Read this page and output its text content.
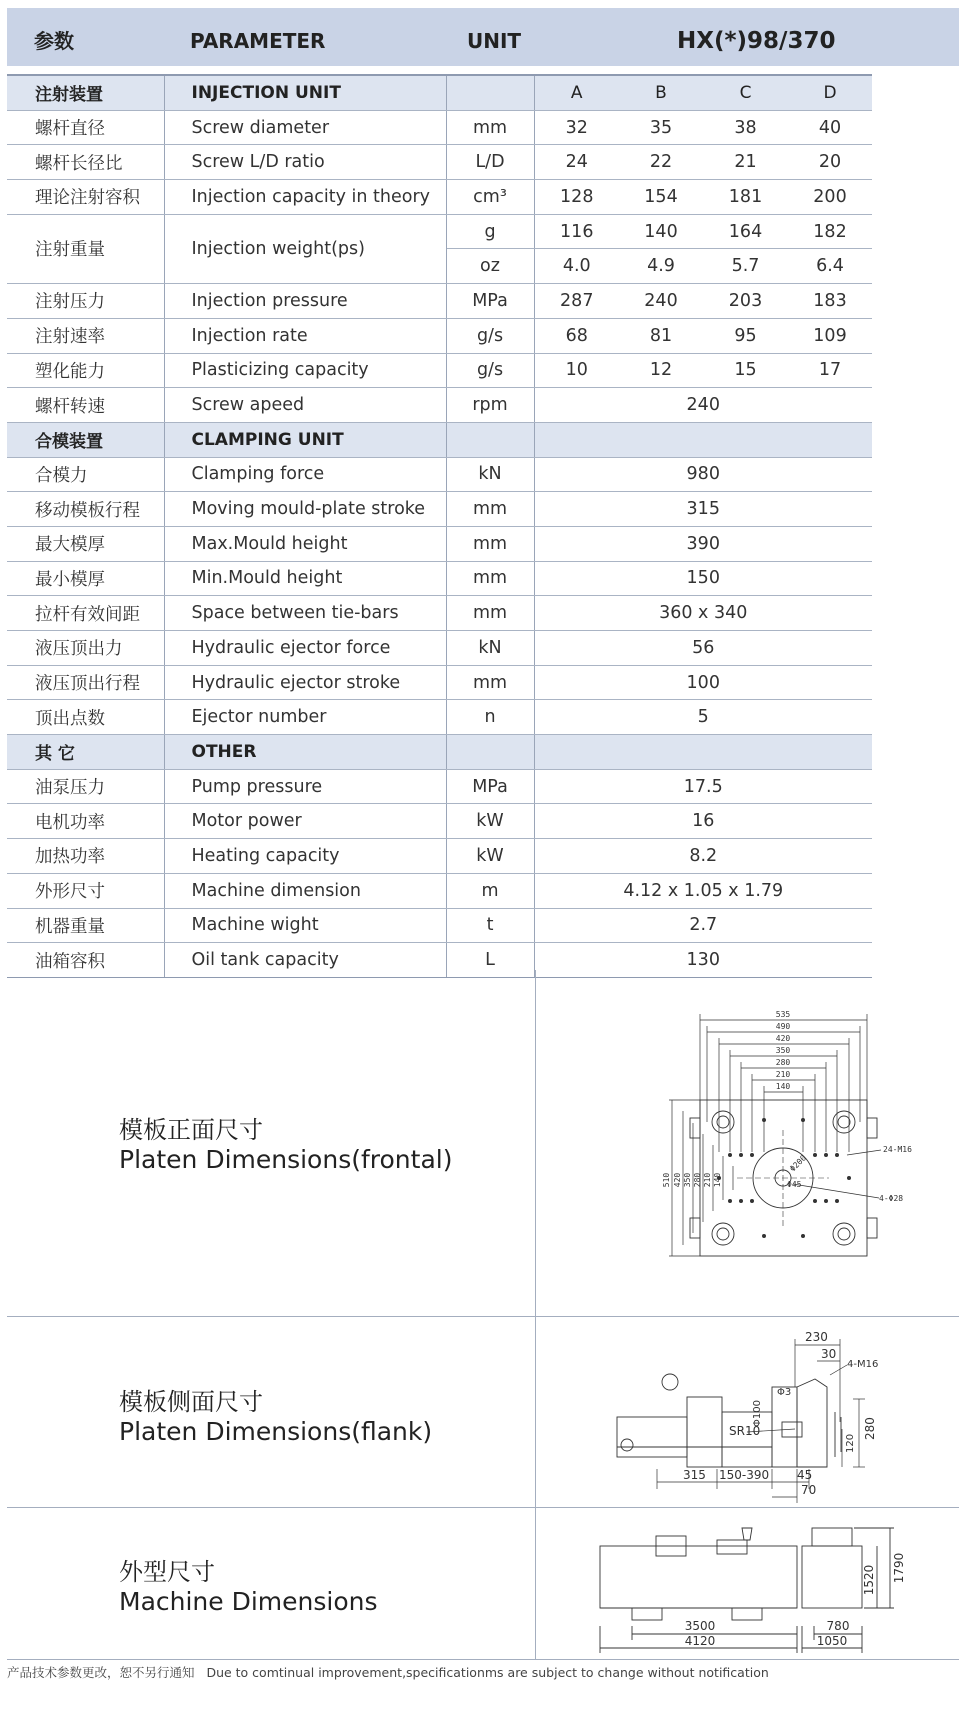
参数	PARAMETER	UNIT	HX(*)98/370
注射装置	INJECTION UNIT		A	B	C	D
螺杆直径	Screw diameter	mm	32	35	38	40
螺杆长径比	Screw L/D ratio	L/D	24	22	21	20
理论注射容积	Injection capacity in theory	cm³	128	154	181	200
注射重量	Injection weight(ps)	g	116	140	164	182
		oz	4.0	4.9	5.7	6.4
注射压力	Injection pressure	MPa	287	240	203	183
注射速率	Injection rate	g/s	68	81	95	109
塑化能力	Plasticizing capacity	g/s	10	12	15	17
螺杆转速	Screw apeed	rpm	240			
合模装置	CLAMPING UNIT					
合模力	Clamping force	kN	980			
移动模板行程	Moving mould-plate stroke	mm	315			
最大模厚	Max.Mould height	mm	390			
最小模厚	Min.Mould height	mm	150			
拉杆有效间距	Space between tie-bars	mm	360 x 340			
液压顶出力	Hydraulic ejector force	kN	56			
液压顶出行程	Hydraulic ejector stroke	mm	100			
顶出点数	Ejector number	n	5			
其 它	OTHER					
油泵压力	Pump pressure	MPa	17.5			
电机功率	Motor power	kW	16			
加热功率	Heating capacity	kW	8.2			
外形尺寸	Machine dimension	m	4.12 x 1.05 x 1.79			
机器重量	Machine wight	t	2.7			
油箱容积	Oil tank capacity	L	130			
模板正面尺寸
Platen Dimensions(frontal)
535
490
420
350
280
210
140
510 420 350 280 210 140
24-M16
4-Φ28
Φ200
Φ45
模板侧面尺寸
Platen Dimensions(flank)
230
30
4-M16
Φ3
Φ100
SR10	280
120
315 150-390 45
70
外型尺寸
Machine Dimensions
3500
4120
780
1050
1520 1790
产品技术参数更改，恕不另行通知 Due to comtinual improvement,specificationms are subject to change without notification
